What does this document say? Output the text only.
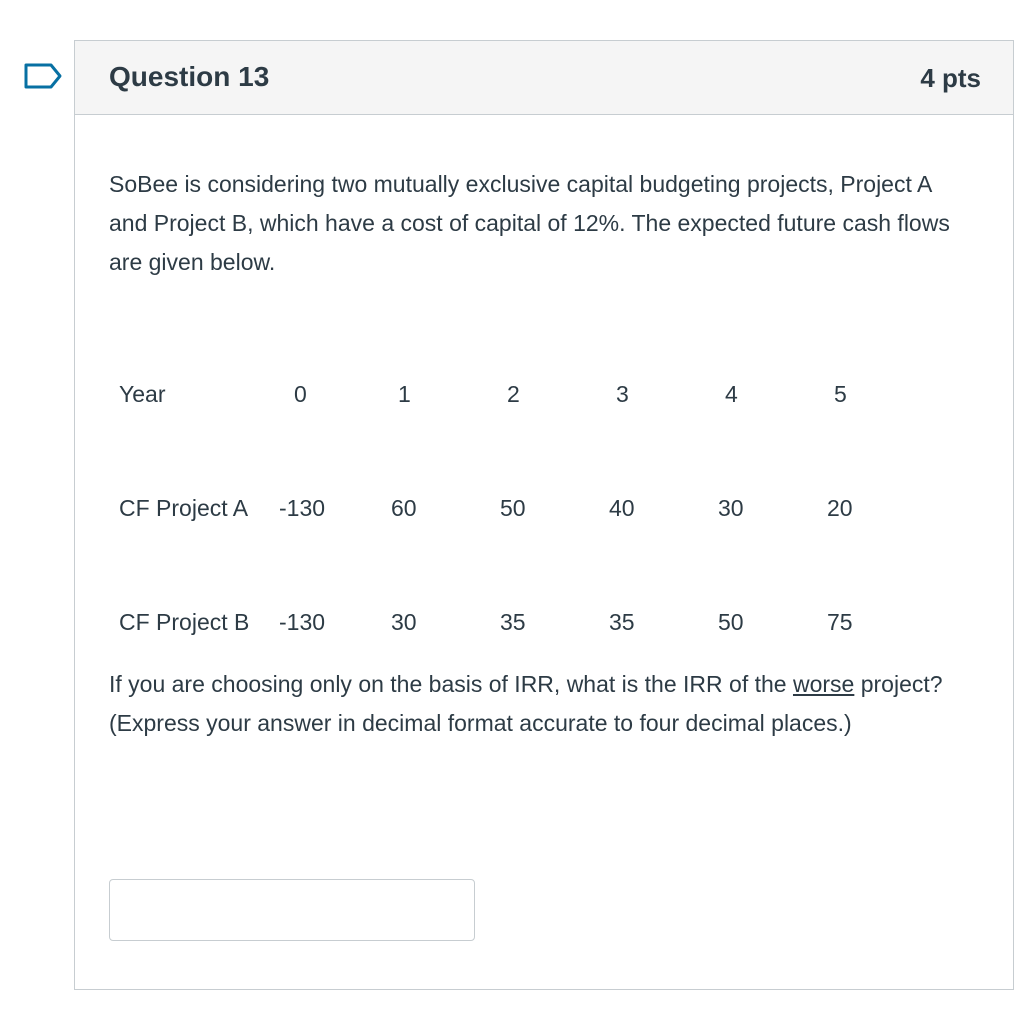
Question 13	4 pts

SoBee is considering two mutually exclusive capital budgeting projects, Project A and Project B, which have a cost of capital of 12%. The expected future cash flows are given below.

Year	0	1	2	3	4	5
CF Project A	-130	60	50	40	30	20
CF Project B	-130	30	35	35	50	75

If you are choosing only on the basis of IRR, what is the IRR of the worse project? (Express your answer in decimal format accurate to four decimal places.)
